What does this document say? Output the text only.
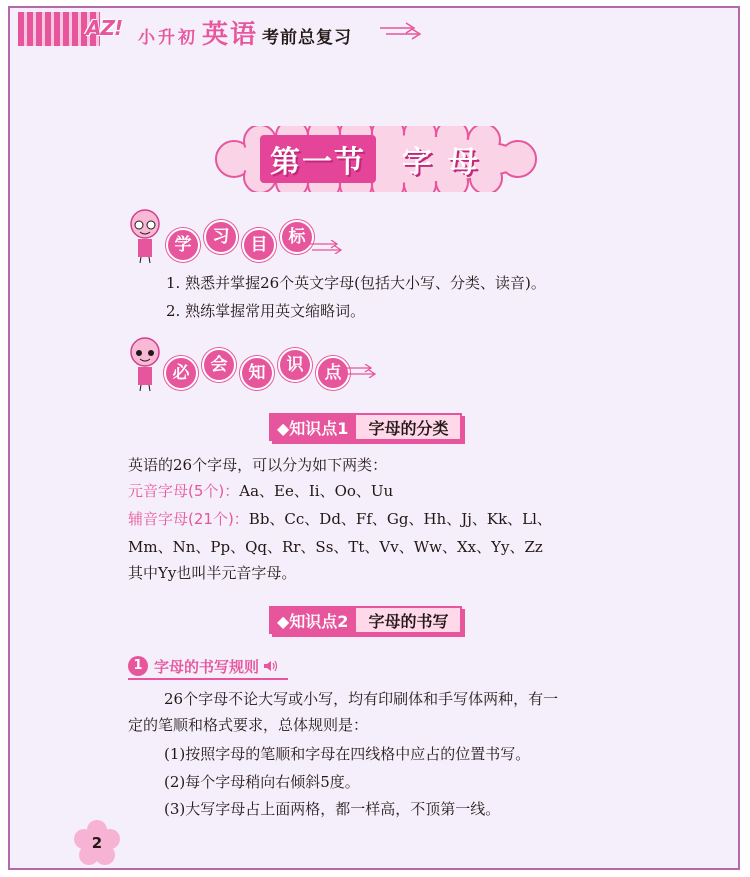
AZ! 小升初 英语 考前总复习
第一节	字母
学	习	目	标
1. 熟悉并掌握26个英文字母(包括大小写、分类、读音)。
2. 熟练掌握常用英文缩略词。
必	会	知	识	点
◆知识点1	字母的分类
英语的26个字母，可以分为如下两类：
元音字母(5个)：Aa、Ee、Ii、Oo、Uu
辅音字母(21个)：Bb、Cc、Dd、Ff、Gg、Hh、Jj、Kk、Ll、
Mm、Nn、Pp、Qq、Rr、Ss、Tt、Vv、Ww、Xx、Yy、Zz
其中Yy也叫半元音字母。
◆知识点2	字母的书写
1 字母的书写规则
26个字母不论大写或小写，均有印刷体和手写体两种，有一
定的笔顺和格式要求，总体规则是：
(1)按照字母的笔顺和字母在四线格中应占的位置书写。
(2)每个字母稍向右倾斜5度。
(3)大写字母占上面两格，都一样高，不顶第一线。
2
